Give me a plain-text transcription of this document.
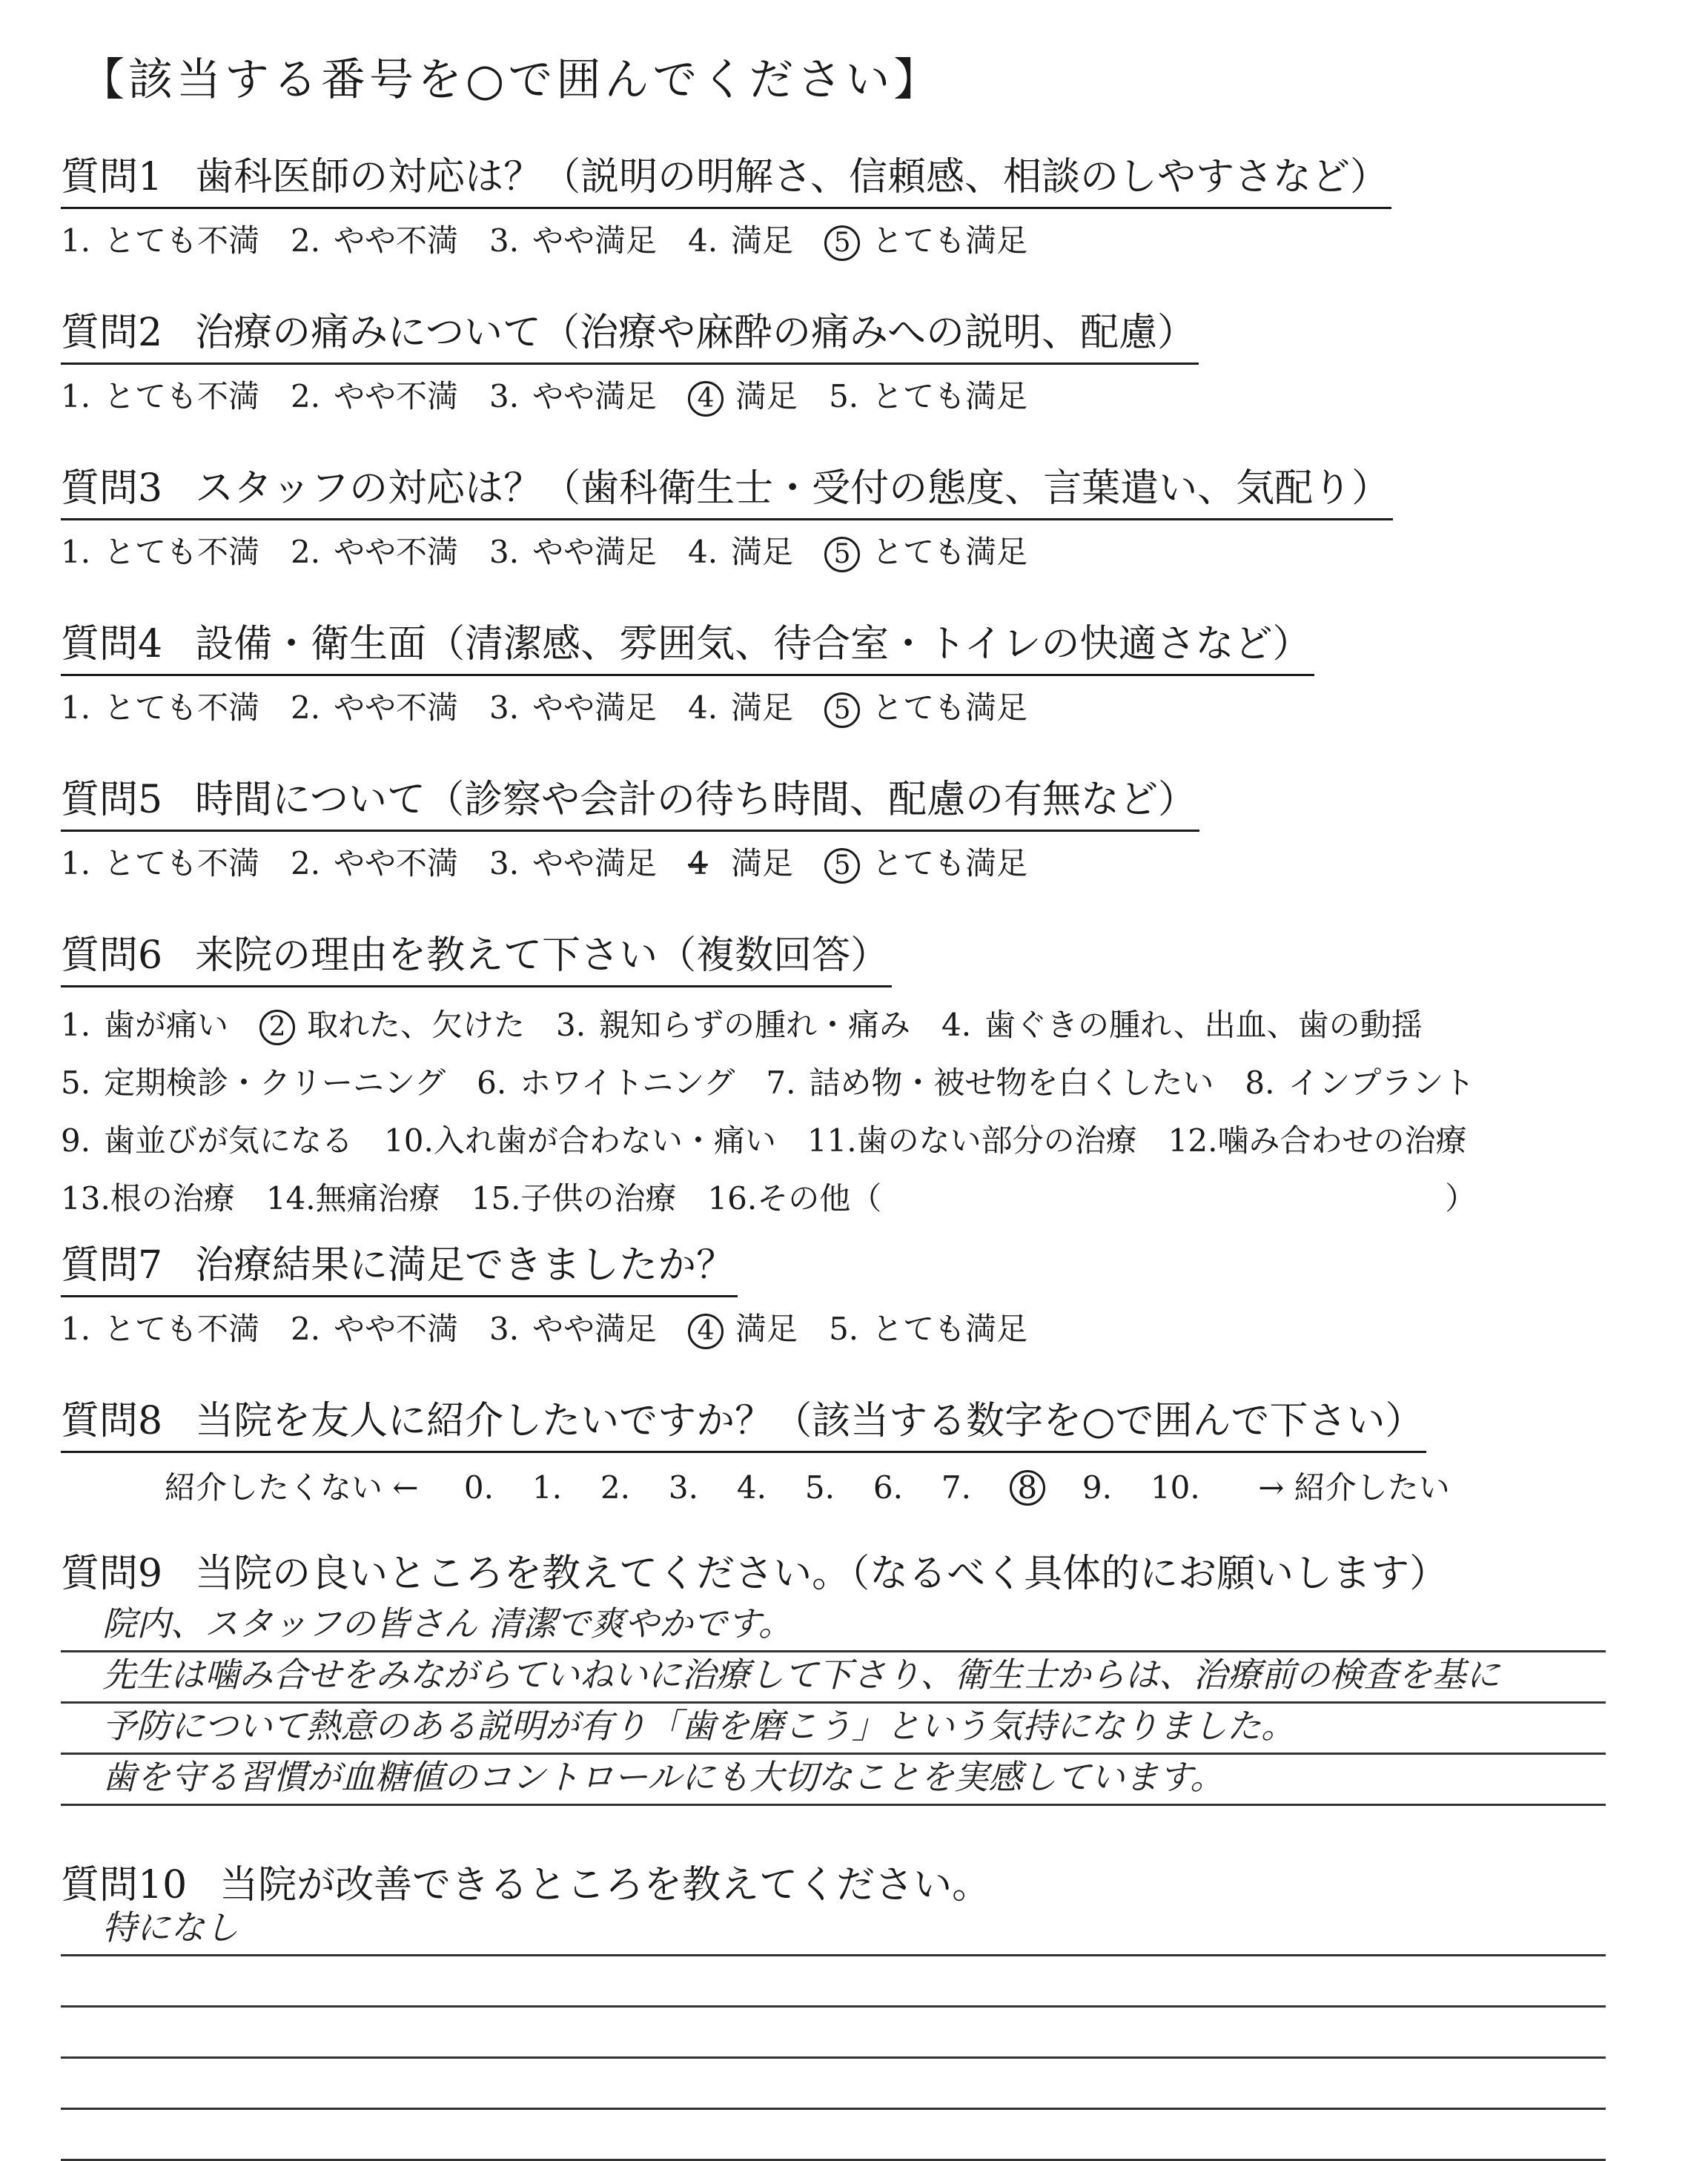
【該当する番号を○で囲んでください】
質問1 歯科医師の対応は？（説明の明解さ、信頼感、相談のしやすさなど）
1. とても不満 2. やや不満 3. やや満足 4. 満足 5 とても満足
質問2 治療の痛みについて（治療や麻酔の痛みへの説明、配慮）
1. とても不満 2. やや不満 3. やや満足 4 満足 5. とても満足
質問3 スタッフの対応は？（歯科衛生士・受付の態度、言葉遣い、気配り）
1. とても不満 2. やや不満 3. やや満足 4. 満足 5 とても満足
質問4 設備・衛生面（清潔感、雰囲気、待合室・トイレの快適さなど）
1. とても不満 2. やや不満 3. やや満足 4. 満足 5 とても満足
質問5 時間について（診察や会計の待ち時間、配慮の有無など）
1. とても不満 2. やや不満 3. やや満足 4 満足 5 とても満足
質問6 来院の理由を教えて下さい（複数回答）
1. 歯が痛い 2 取れた、欠けた 3. 親知らずの腫れ・痛み 4. 歯ぐきの腫れ、出血、歯の動揺
5. 定期検診・クリーニング 6. ホワイトニング 7. 詰め物・被せ物を白くしたい 8. インプラント
9. 歯並びが気になる 10.入れ歯が合わない・痛い 11.歯のない部分の治療 12.噛み合わせの治療
13.根の治療 14.無痛治療 15.子供の治療 16.その他（	）
質問7 治療結果に満足できましたか？
1. とても不満 2. やや不満 3. やや満足 4 満足 5. とても満足
質問8 当院を友人に紹介したいですか？（該当する数字を○で囲んで下さい）
紹介したくない ← 0. 1. 2. 3. 4. 5. 6. 7. 8 9. 10. → 紹介したい
質問9 当院の良いところを教えてください。（なるべく具体的にお願いします）
院内、スタッフの皆さん 清潔で爽やかです。
先生は噛み合せをみながらていねいに治療して下さり、衛生士からは、治療前の検査を基に
予防について熱意のある説明が有り「歯を磨こう」という気持になりました。
歯を守る習慣が血糖値のコントロールにも大切なことを実感しています。
質問10 当院が改善できるところを教えてください。
特になし
